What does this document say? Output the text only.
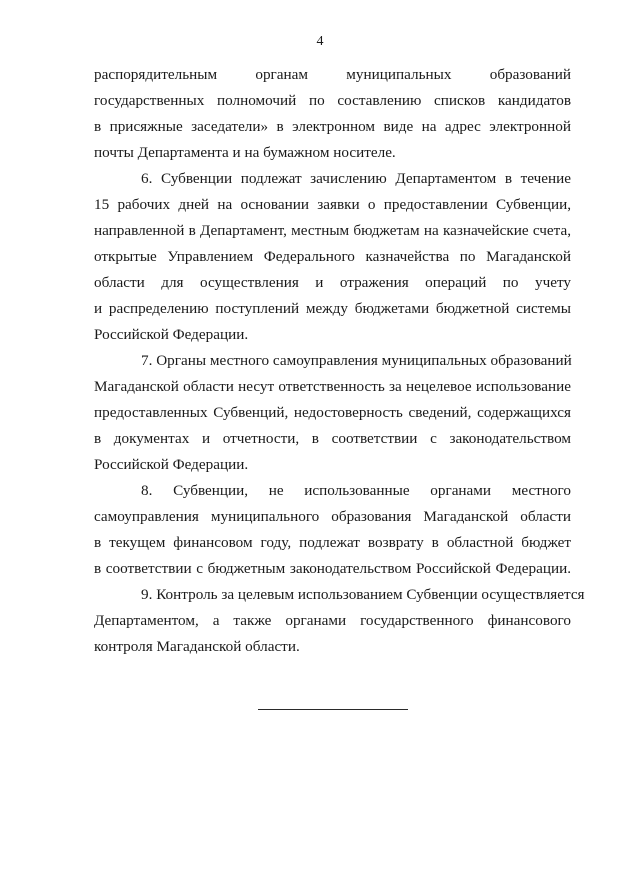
4
распорядительным органам муниципальных образований
государственных полномочий по составлению списков кандидатов
в присяжные заседатели» в электронном виде на адрес электронной
почты Департамента и на бумажном носителе.
6. Субвенции подлежат зачислению Департаментом в течение
15 рабочих дней на основании заявки о предоставлении Субвенции,
направленной в Департамент, местным бюджетам на казначейские счета,
открытые Управлением Федерального казначейства по Магаданской
области для осуществления и отражения операций по учету
и распределению поступлений между бюджетами бюджетной системы
Российской Федерации.
7. Органы местного самоуправления муниципальных образований
Магаданской области несут ответственность за нецелевое использование
предоставленных Субвенций, недостоверность сведений, содержащихся
в документах и отчетности, в соответствии с законодательством
Российской Федерации.
8. Субвенции, не использованные органами местного
самоуправления муниципального образования Магаданской области
в текущем финансовом году, подлежат возврату в областной бюджет
в соответствии с бюджетным законодательством Российской Федерации.
9. Контроль за целевым использованием Субвенции осуществляется
Департаментом, а также органами государственного финансового
контроля Магаданской области.
